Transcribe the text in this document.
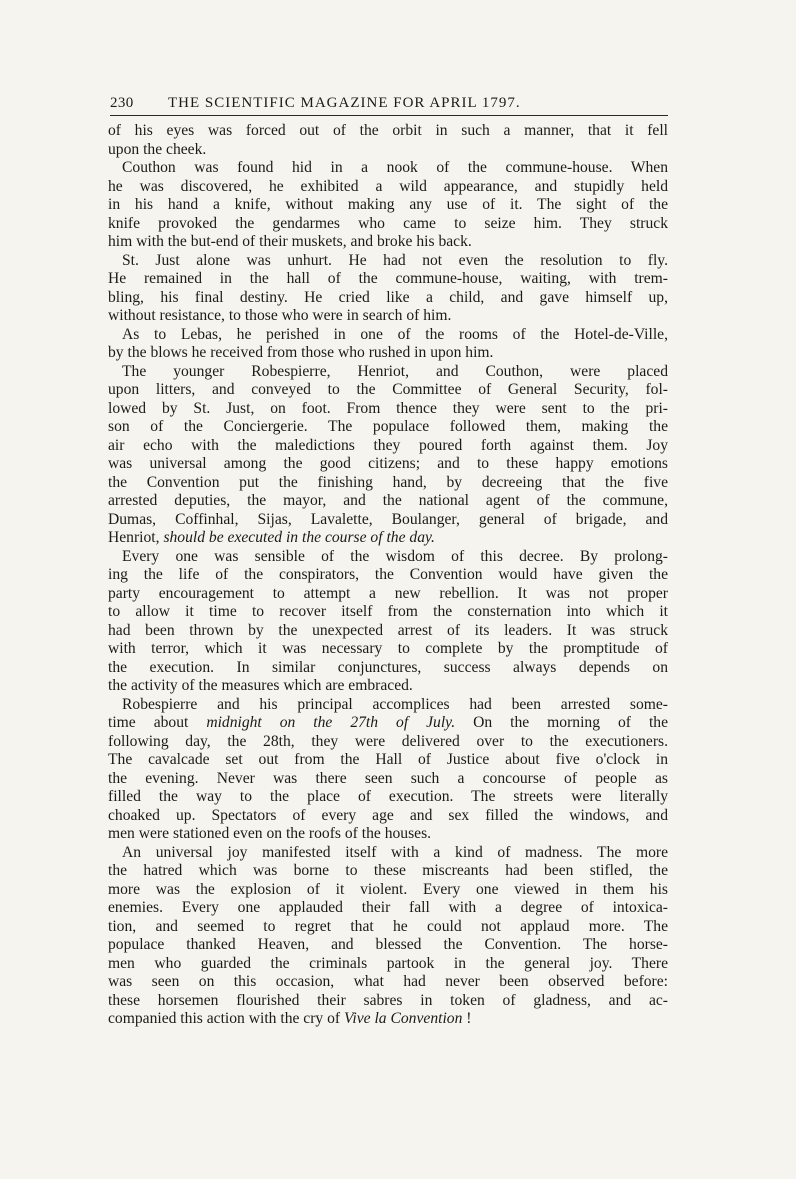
230	THE SCIENTIFIC MAGAZINE FOR APRIL 1797.
of his eyes was forced out of the orbit in such a manner, that it fell
upon the cheek.
Couthon was found hid in a nook of the commune-house. When
he was discovered, he exhibited a wild appearance, and stupidly held
in his hand a knife, without making any use of it. The sight of the
knife provoked the gendarmes who came to seize him. They struck
him with the but-end of their muskets, and broke his back.
St. Just alone was unhurt. He had not even the resolution to fly.
He remained in the hall of the commune-house, waiting, with trem-
bling, his final destiny. He cried like a child, and gave himself up,
without resistance, to those who were in search of him.
As to Lebas, he perished in one of the rooms of the Hotel-de-Ville,
by the blows he received from those who rushed in upon him.
The younger Robespierre, Henriot, and Couthon, were placed
upon litters, and conveyed to the Committee of General Security, fol-
lowed by St. Just, on foot. From thence they were sent to the pri-
son of the Conciergerie. The populace followed them, making the
air echo with the maledictions they poured forth against them. Joy
was universal among the good citizens; and to these happy emotions
the Convention put the finishing hand, by decreeing that the five
arrested deputies, the mayor, and the national agent of the commune,
Dumas, Coffinhal, Sijas, Lavalette, Boulanger, general of brigade, and
Henriot, should be executed in the course of the day.
Every one was sensible of the wisdom of this decree. By prolong-
ing the life of the conspirators, the Convention would have given the
party encouragement to attempt a new rebellion. It was not proper
to allow it time to recover itself from the consternation into which it
had been thrown by the unexpected arrest of its leaders. It was struck
with terror, which it was necessary to complete by the promptitude of
the execution. In similar conjunctures, success always depends on
the activity of the measures which are embraced.
Robespierre and his principal accomplices had been arrested some-
time about midnight on the 27th of July. On the morning of the
following day, the 28th, they were delivered over to the executioners.
The cavalcade set out from the Hall of Justice about five o'clock in
the evening. Never was there seen such a concourse of people as
filled the way to the place of execution. The streets were literally
choaked up. Spectators of every age and sex filled the windows, and
men were stationed even on the roofs of the houses.
An universal joy manifested itself with a kind of madness. The more
the hatred which was borne to these miscreants had been stifled, the
more was the explosion of it violent. Every one viewed in them his
enemies. Every one applauded their fall with a degree of intoxica-
tion, and seemed to regret that he could not applaud more. The
populace thanked Heaven, and blessed the Convention. The horse-
men who guarded the criminals partook in the general joy. There
was seen on this occasion, what had never been observed before:
these horsemen flourished their sabres in token of gladness, and ac-
companied this action with the cry of Vive la Convention !
